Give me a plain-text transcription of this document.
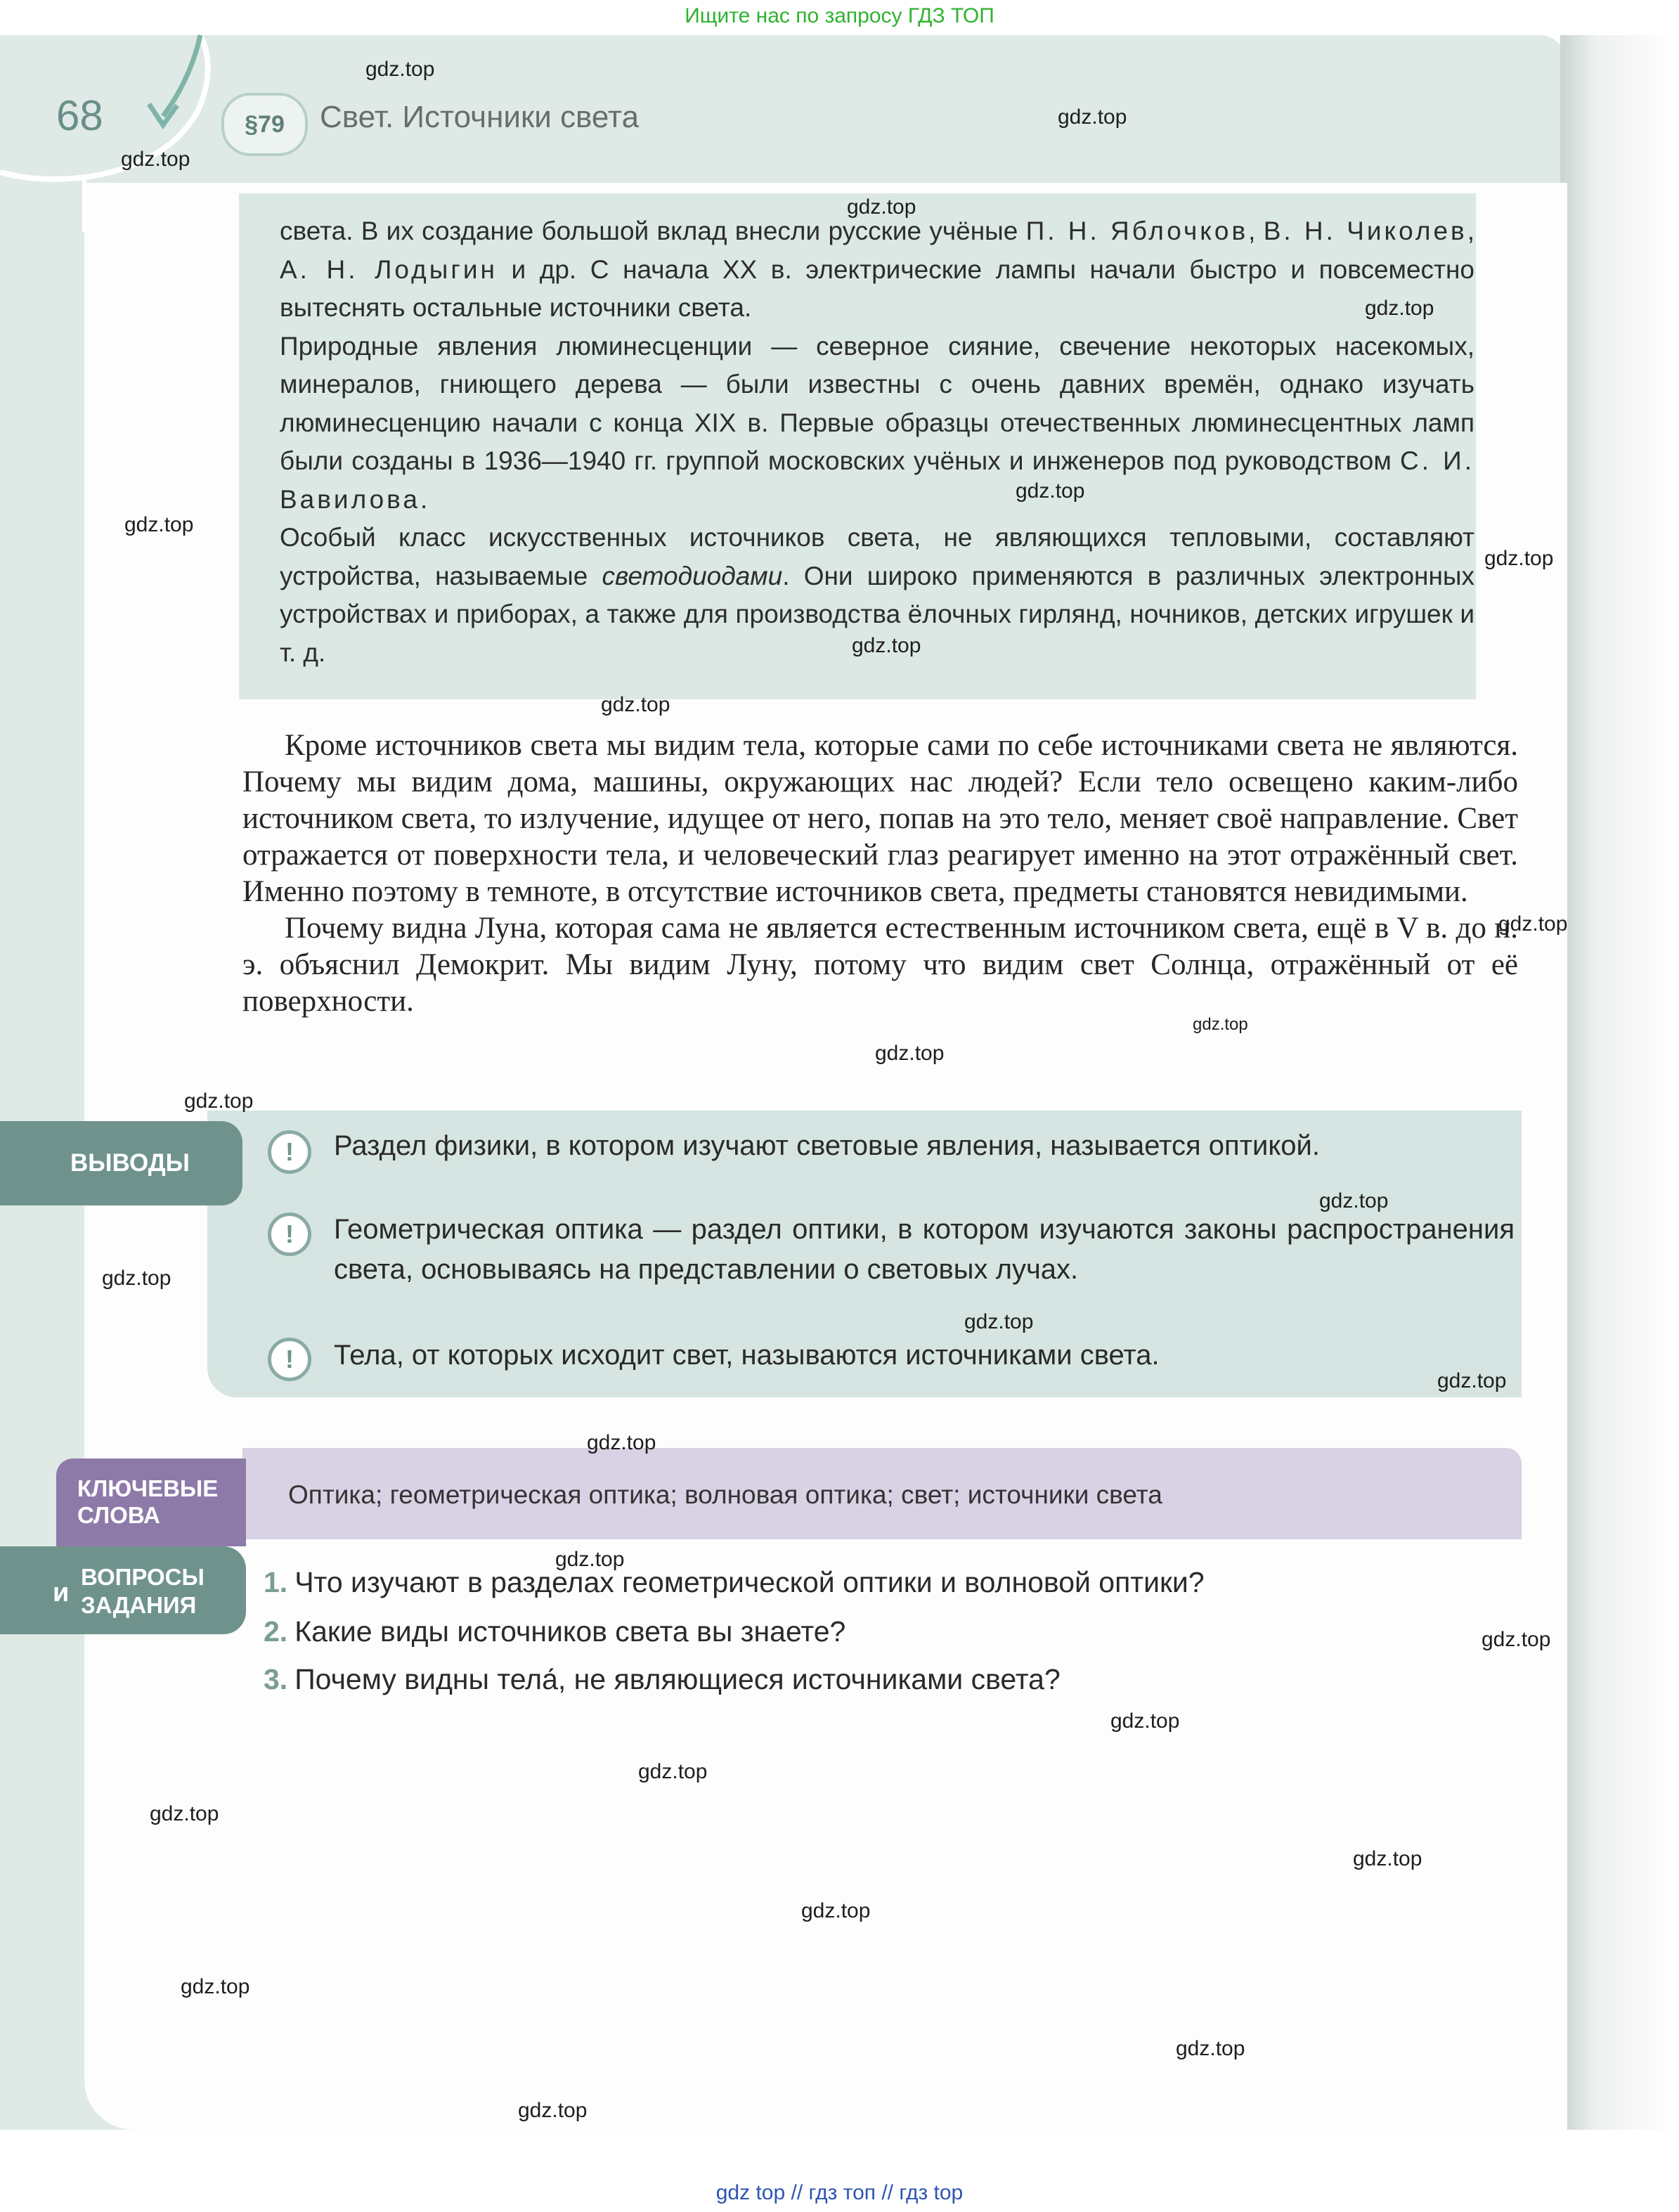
Ищите нас по запросу ГДЗ ТОП
gdz top // гдз топ // гдз top
68	§79	Свет. Источники света

света. В их создание большой вклад внесли русские учёные П. Н. Яблочков, В. Н. Чиколев, А. Н. Лодыгин и др. С начала XX в. электрические лампы начали быстро и повсеместно вытеснять остальные источники света.

Природные явления люминесценции — северное сияние, свечение некоторых насекомых, минералов, гниющего дерева — были известны с очень давних времён, однако изучать люминесценцию начали с конца XIX в. Первые образцы отечественных люминесцентных ламп были созданы в 1936—1940 гг. группой московских учёных и инженеров под руководством С. И. Вавилова.

Особый класс искусственных источников света, не являющихся тепловыми, составляют устройства, называемые светодиодами. Они широко применяются в различных электронных устройствах и приборах, а также для производства ёлочных гирлянд, ночников, детских игрушек и т. д.

Кроме источников света мы видим тела, которые сами по себе источниками света не являются. Почему мы видим дома, машины, окружающих нас людей? Если тело освещено каким-либо источником света, то излучение, идущее от него, попав на это тело, меняет своё направление. Свет отражается от поверхности тела, и человеческий глаз реагирует именно на этот отражённый свет. Именно поэтому в темноте, в отсутствие источников света, предметы становятся невидимыми.

Почему видна Луна, которая сама не является естественным источником света, ещё в V в. до н. э. объяснил Демокрит. Мы видим Луну, потому что видим свет Солнца, отражённый от её поверхности.

ВЫВОДЫ	!	Раздел физики, в котором изучают световые явления, называется оптикой.
!	Геометрическая оптика — раздел оптики, в котором изучаются законы распространения света, основываясь на представлении о световых лучах.
!	Тела, от которых исходит свет, называются источниками света.
КЛЮЧЕВЫЕ
СЛОВА
Оптика; геометрическая оптика; волновая оптика; свет; источники света
и
ВОПРОСЫ
ЗАДАНИЯ
1. Что изучают в разделах геометрической оптики и волновой оптики?
2. Какие виды источников света вы знаете?
3. Почему видны тела́, не являющиеся источниками света?
gdz.top
gdz.top
gdz.top
gdz.top
gdz.top
gdz.top
gdz.top
gdz.top
gdz.top
gdz.top
gdz.top
gdz.top
gdz.top
gdz.top
gdz.top
gdz.top
gdz.top
gdz.top
gdz.top
gdz.top
gdz.top
gdz.top
gdz.top
gdz.top
gdz.top
gdz.top
gdz.top
gdz.top
gdz.top
